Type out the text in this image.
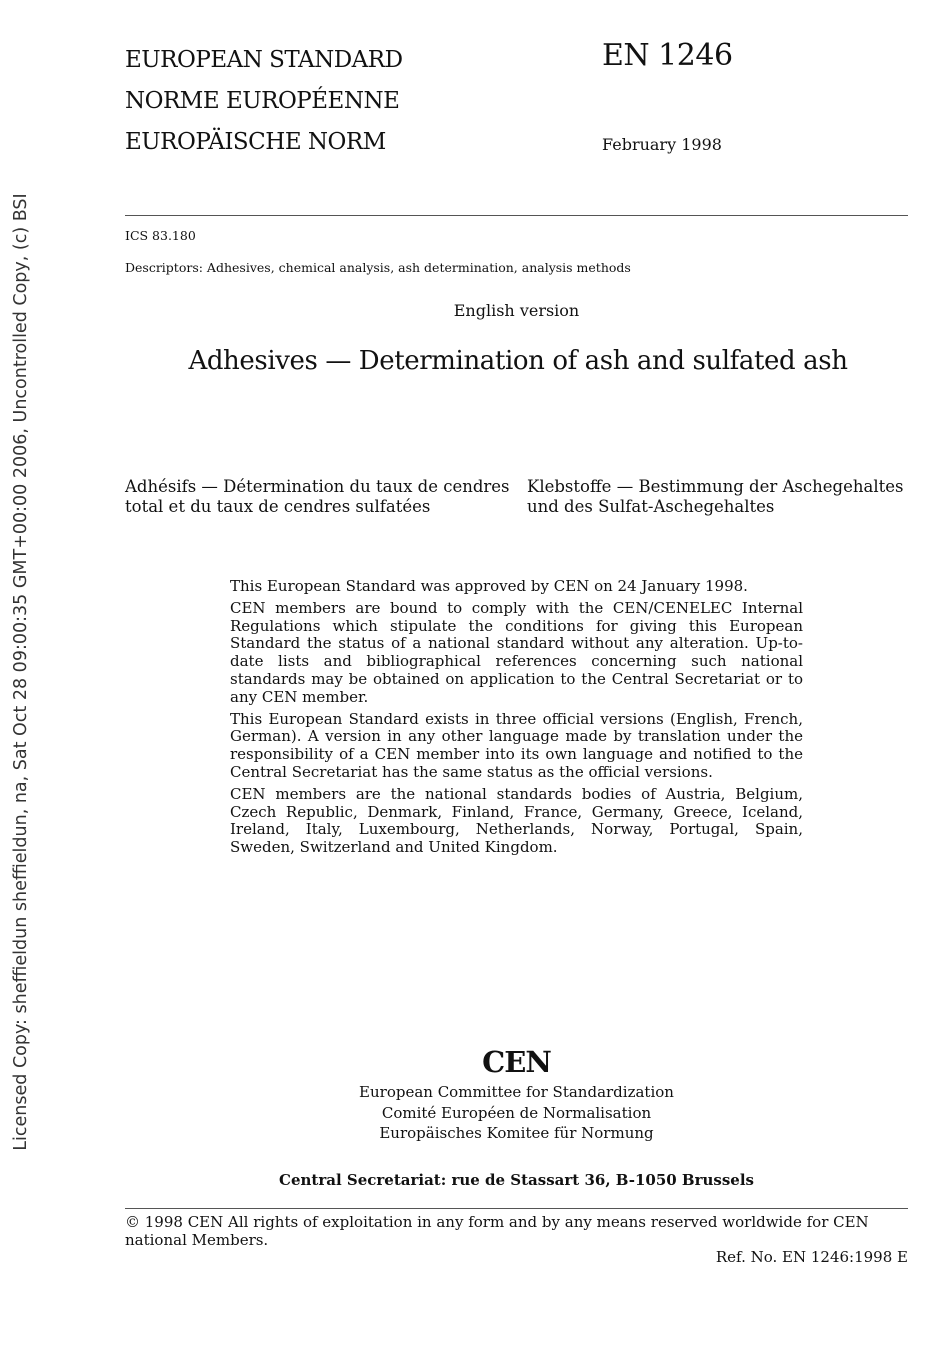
Licensed Copy: sheffieldun sheffieldun, na, Sat Oct 28 09:00:35 GMT+00:00 2006, Uncontrolled Copy, (c) BSI
EUROPEAN STANDARD
NORME EUROPÉENNE
EUROPÄISCHE NORM
EN 1246
February 1998
ICS 83.180
Descriptors: Adhesives, chemical analysis, ash determination, analysis methods
English version
Adhesives — Determination of ash and sulfated ash
Adhésifs — Détermination du taux de cendres total et du taux de cendres sulfatées
Klebstoffe — Bestimmung der Aschegehaltes und des Sulfat-Aschegehaltes

This European Standard was approved by CEN on 24 January 1998.

CEN members are bound to comply with the CEN/CENELEC Internal Regulations which stipulate the conditions for giving this European Standard the status of a national standard without any alteration. Up-to-date lists and bibliographical references concerning such national standards may be obtained on application to the Central Secretariat or to any CEN member.

This European Standard exists in three official versions (English, French, German). A version in any other language made by translation under the responsibility of a CEN member into its own language and notified to the Central Secretariat has the same status as the official versions.

CEN members are the national standards bodies of Austria, Belgium, Czech Republic, Denmark, Finland, France, Germany, Greece, Iceland, Ireland, Italy, Luxembourg, Netherlands, Norway, Portugal, Spain, Sweden, Switzerland and United Kingdom.

CEN
European Committee for Standardization
Comité Européen de Normalisation
Europäisches Komitee für Normung
Central Secretariat: rue de Stassart 36, B-1050 Brussels
© 1998 CEN All rights of exploitation in any form and by any means reserved worldwide for CEN national Members.
Ref. No. EN 1246:1998 E
